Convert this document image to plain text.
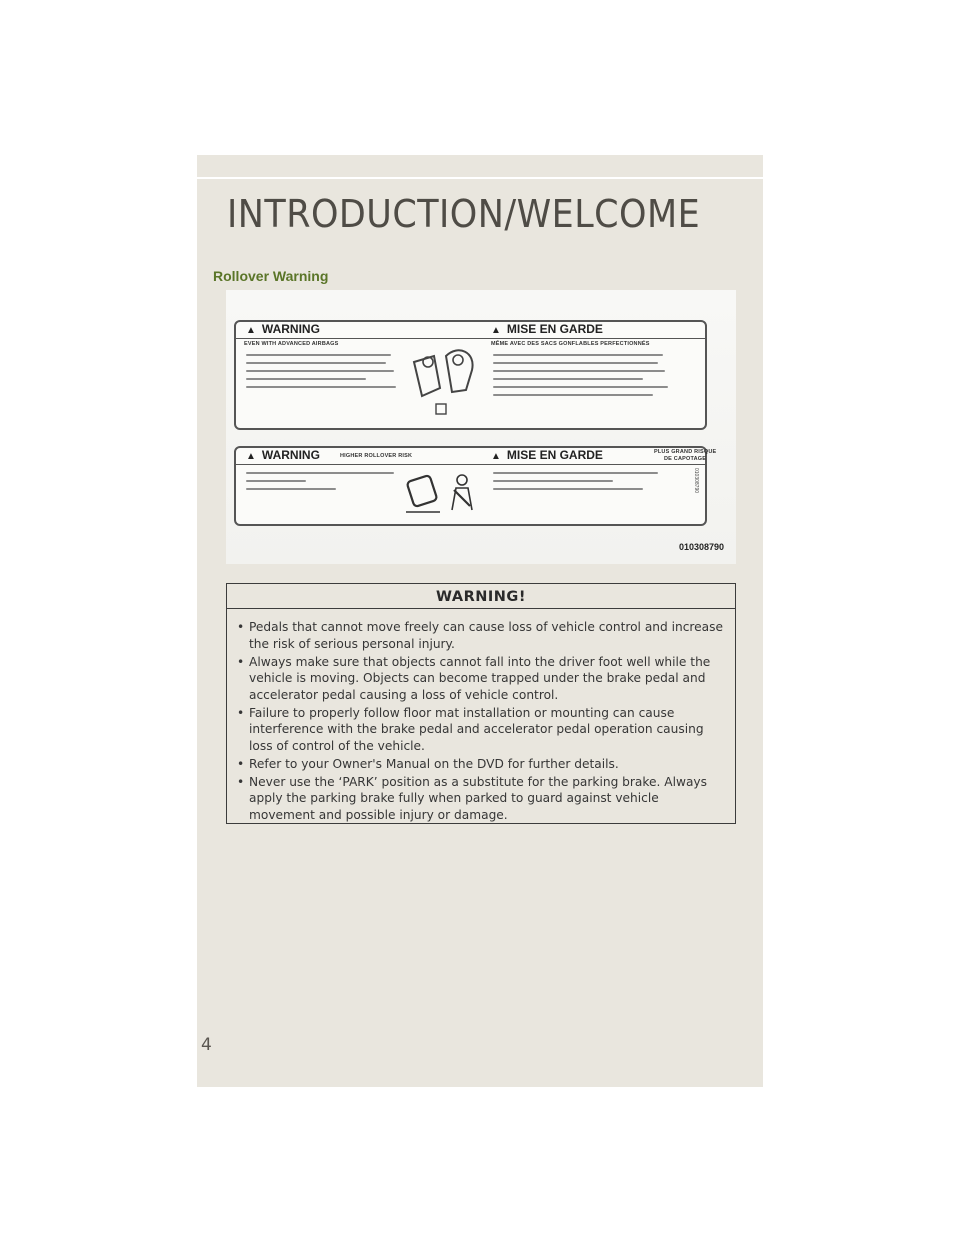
INTRODUCTION/WELCOME
Rollover Warning
▲ WARNING	▲ MISE EN GARDE
EVEN WITH ADVANCED AIRBAGS	MÊME AVEC DES SACS GONFLABLES PERFECTIONNÉS
▲ WARNING	HIGHER ROLLOVER RISK	▲ MISE EN GARDE	PLUS GRAND RISQUE
DE CAPOTAGE
010308790
010308790
WARNING!
• Pedals that cannot move freely can cause loss of vehicle control and increase the risk of serious personal injury.
• Always make sure that objects cannot fall into the driver foot well while the vehicle is moving. Objects can become trapped under the brake pedal and accelerator pedal causing a loss of vehicle control.
• Failure to properly follow floor mat installation or mounting can cause interference with the brake pedal and accelerator pedal operation causing loss of control of the vehicle.
• Refer to your Owner's Manual on the DVD for further details.
• Never use the ‘PARK’ position as a substitute for the parking brake. Always apply the parking brake fully when parked to guard against vehicle movement and possible injury or damage.
4
